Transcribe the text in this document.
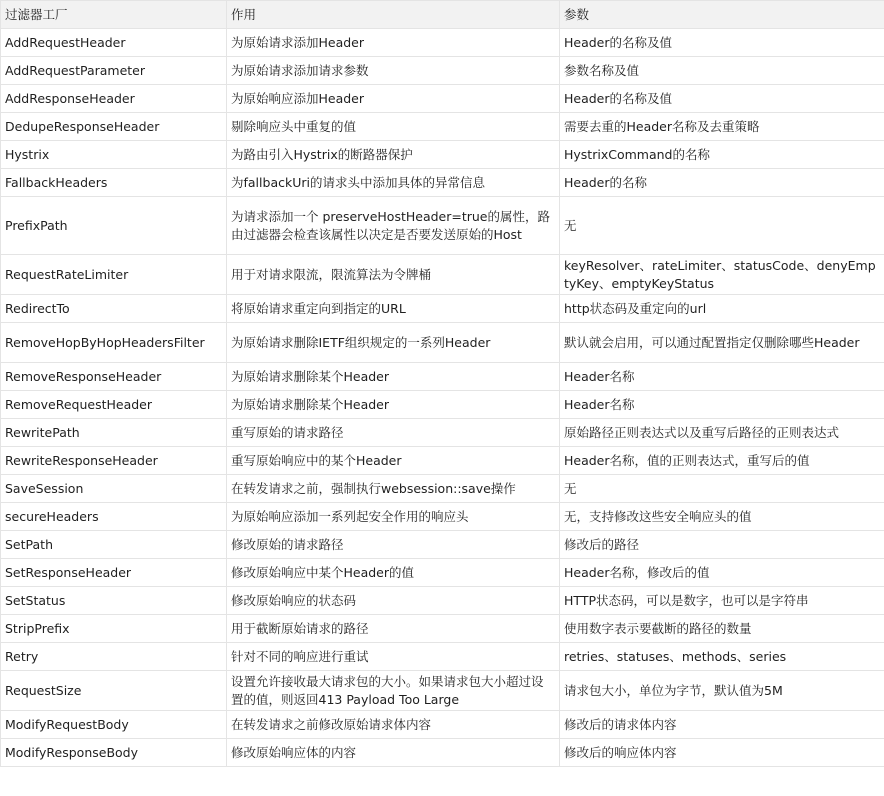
过滤器工厂	作用	参数
AddRequestHeader	为原始请求添加Header	Header的名称及值
AddRequestParameter	为原始请求添加请求参数	参数名称及值
AddResponseHeader	为原始响应添加Header	Header的名称及值
DedupeResponseHeader	剔除响应头中重复的值	需要去重的Header名称及去重策略
Hystrix	为路由引入Hystrix的断路器保护	HystrixCommand的名称
FallbackHeaders	为fallbackUri的请求头中添加具体的异常信息	Header的名称
PrefixPath	为请求添加一个 preserveHostHeader=true的属性，路由过滤器会检查该属性以决定是否要发送原始的Host	无
RequestRateLimiter	用于对请求限流，限流算法为令牌桶	keyResolver、rateLimiter、statusCode、denyEmptyKey、emptyKeyStatus
RedirectTo	将原始请求重定向到指定的URL	http状态码及重定向的url
RemoveHopByHopHeadersFilter	为原始请求删除IETF组织规定的一系列Header	默认就会启用，可以通过配置指定仅删除哪些Header
RemoveResponseHeader	为原始请求删除某个Header	Header名称
RemoveRequestHeader	为原始请求删除某个Header	Header名称
RewritePath	重写原始的请求路径	原始路径正则表达式以及重写后路径的正则表达式
RewriteResponseHeader	重写原始响应中的某个Header	Header名称，值的正则表达式，重写后的值
SaveSession	在转发请求之前，强制执行websession::save操作	无
secureHeaders	为原始响应添加一系列起安全作用的响应头	无，支持修改这些安全响应头的值
SetPath	修改原始的请求路径	修改后的路径
SetResponseHeader	修改原始响应中某个Header的值	Header名称，修改后的值
SetStatus	修改原始响应的状态码	HTTP状态码，可以是数字，也可以是字符串
StripPrefix	用于截断原始请求的路径	使用数字表示要截断的路径的数量
Retry	针对不同的响应进行重试	retries、statuses、methods、series
RequestSize	设置允许接收最大请求包的大小。如果请求包大小超过设置的值，则返回413 Payload Too Large	请求包大小，单位为字节，默认值为5M
ModifyRequestBody	在转发请求之前修改原始请求体内容	修改后的请求体内容
ModifyResponseBody	修改原始响应体的内容	修改后的响应体内容
